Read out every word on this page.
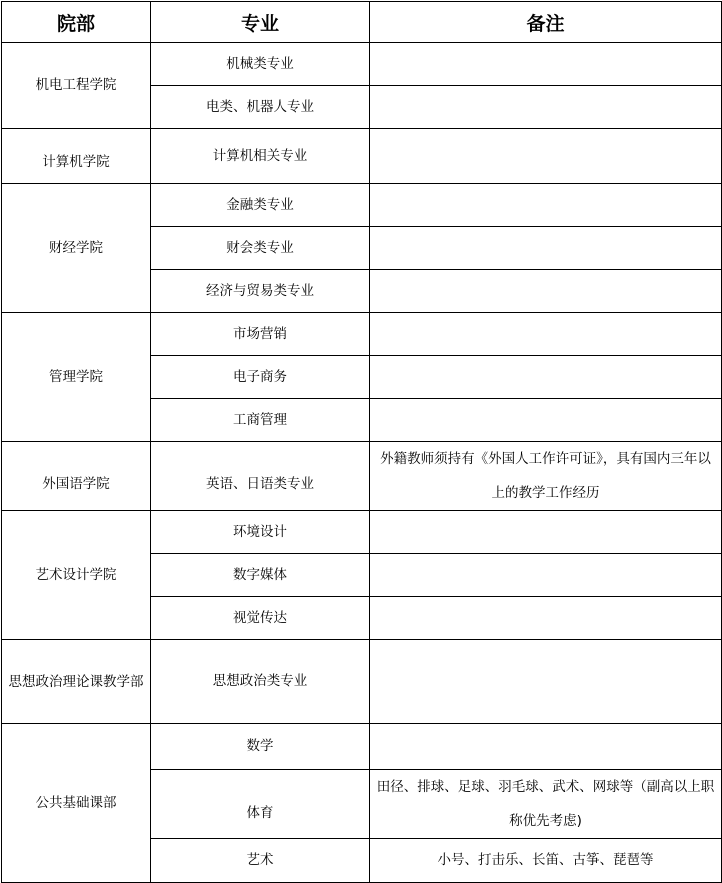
院部	专业	备注
机电工程学院	机械类专业	
	电类、机器人专业	
计算机学院	计算机相关专业	
财经学院	金融类专业	
	财会类专业	
	经济与贸易类专业	
管理学院	市场营销	
	电子商务	
	工商管理	
外国语学院	英语、日语类专业	外籍教师须持有《外国人工作许可证》，具有国内三年以上的教学工作经历
艺术设计学院	环境设计	
	数字媒体	
	视觉传达	
思想政治理论课教学部	思想政治类专业	
公共基础课部	数学	
	体育	田径、排球、足球、羽毛球、武术、网球等（副高以上职称优先考虑)
	艺术	小号、打击乐、长笛、古筝、琵琶等
